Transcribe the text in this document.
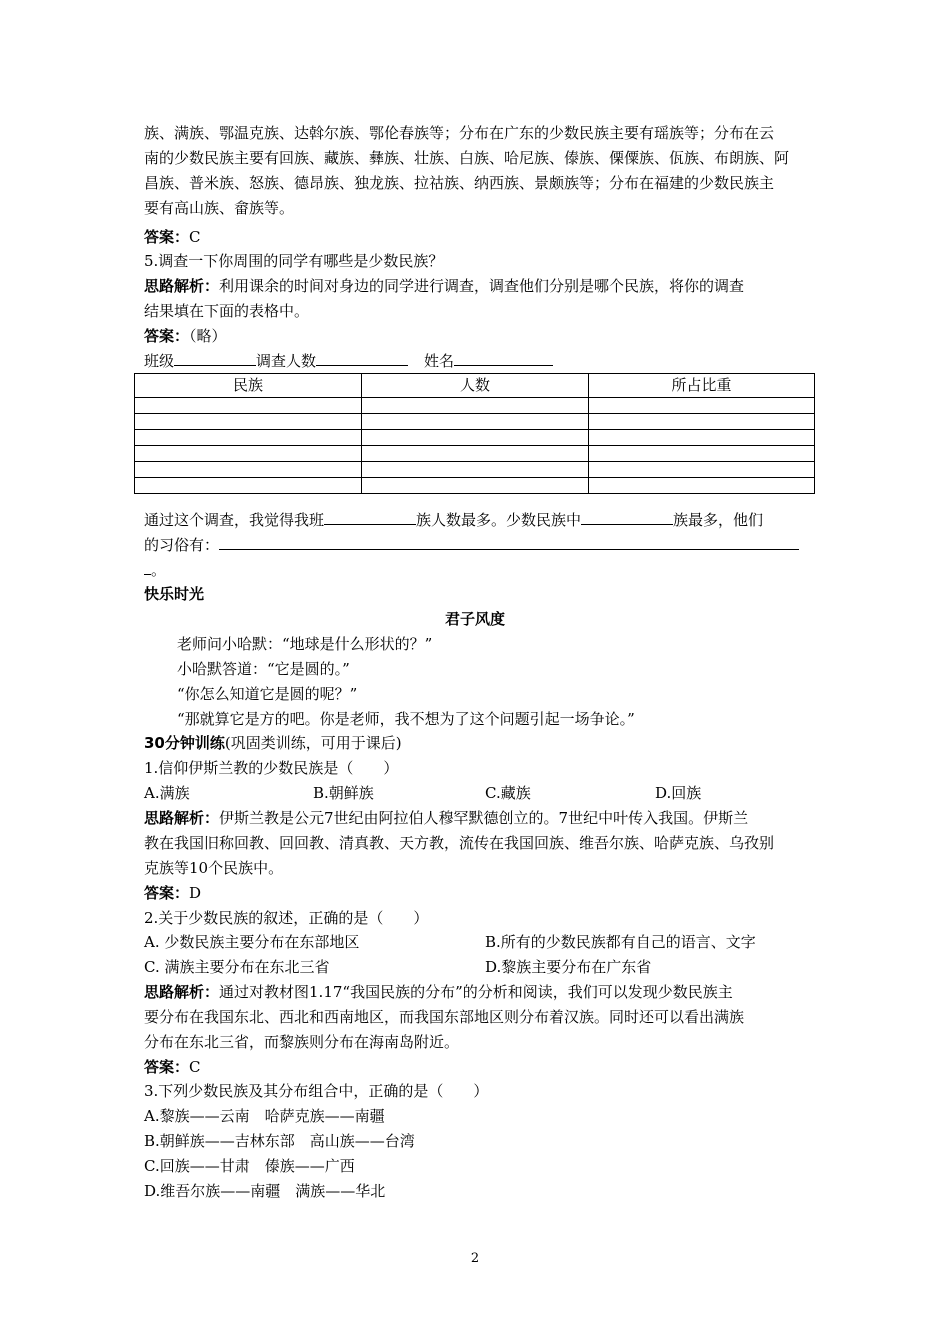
族、满族、鄂温克族、达斡尔族、鄂伦春族等；分布在广东的少数民族主要有瑶族等；分布在云
南的少数民族主要有回族、藏族、彝族、壮族、白族、哈尼族、傣族、傈僳族、佤族、布朗族、阿
昌族、普米族、怒族、德昂族、独龙族、拉祜族、纳西族、景颇族等；分布在福建的少数民族主
要有高山族、畲族等。
答案：C
5.调查一下你周围的同学有哪些是少数民族？
思路解析：利用课余的时间对身边的同学进行调查，调查他们分别是哪个民族，将你的调查
结果填在下面的表格中。
答案：（略）
班级	调查人数	姓名
民族	人数	所占比重

通过这个调查，我觉得我班	族人数最多。少数民族中	族最多，他们
的习俗有：
。
快乐时光
君子风度
老师问小哈默：“地球是什么形状的？”
小哈默答道：“它是圆的。”
“你怎么知道它是圆的呢？”
“那就算它是方的吧。你是老师，我不想为了这个问题引起一场争论。”
30分钟训练(巩固类训练，可用于课后)
1.信仰伊斯兰教的少数民族是（　　）
A.满族	B.朝鲜族	C.藏族	D.回族
思路解析：伊斯兰教是公元7世纪由阿拉伯人穆罕默德创立的。7世纪中叶传入我国。伊斯兰
教在我国旧称回教、回回教、清真教、天方教，流传在我国回族、维吾尔族、哈萨克族、乌孜别
克族等10个民族中。
答案：D
2.关于少数民族的叙述，正确的是（　　）
A. 少数民族主要分布在东部地区	B.所有的少数民族都有自己的语言、文字
C. 满族主要分布在东北三省	D.黎族主要分布在广东省
思路解析：通过对教材图1.17“我国民族的分布”的分析和阅读，我们可以发现少数民族主
要分布在我国东北、西北和西南地区，而我国东部地区则分布着汉族。同时还可以看出满族
分布在东北三省，而黎族则分布在海南岛附近。
答案：C
3.下列少数民族及其分布组合中，正确的是（　　）
A.黎族——云南　哈萨克族——南疆
B.朝鲜族——吉林东部　高山族——台湾
C.回族——甘肃　傣族——广西
D.维吾尔族——南疆　满族——华北
2
